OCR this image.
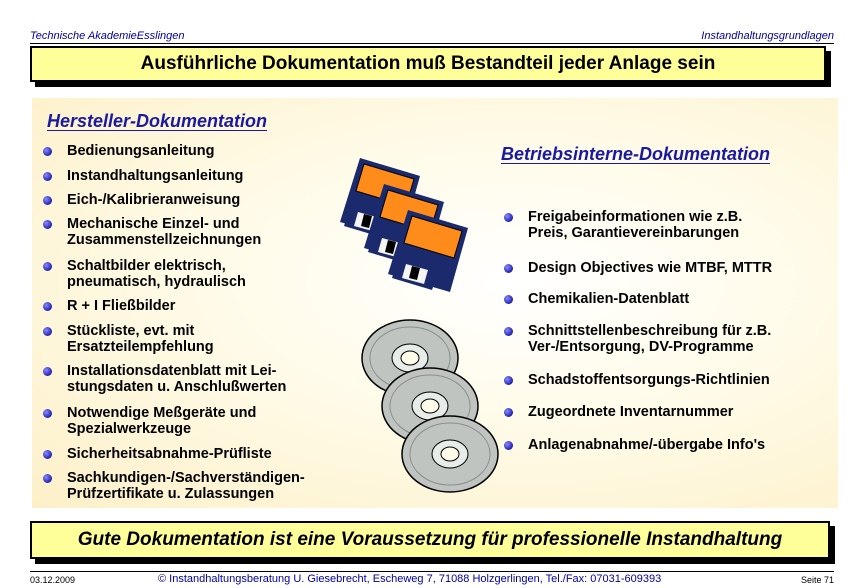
Technische AkademieEsslingen	Instandhaltungsgrundlagen
Ausführliche Dokumentation muß Bestandteil jeder Anlage sein
Hersteller-Dokumentation
Bedienungsanleitung
Instandhaltungsanleitung
Eich-/Kalibrieranweisung
Mechanische Einzel- und
Zusammenstellzeichnungen
Schaltbilder elektrisch,
pneumatisch, hydraulisch
R + I Fließbilder
Stückliste, evt. mit
Ersatzteilempfehlung
Installationsdatenblatt mit Lei-
stungsdaten u. Anschlußwerten
Notwendige Meßgeräte und
Spezialwerkzeuge
Sicherheitsabnahme-Prüfliste
Sachkundigen-/Sachverständigen-
Prüfzertifikate u. Zulassungen
Betriebsinterne-Dokumentation
Freigabeinformationen wie z.B.
Preis, Garantievereinbarungen
Design Objectives wie MTBF, MTTR
Chemikalien-Datenblatt
Schnittstellenbeschreibung für z.B.
Ver-/Entsorgung, DV-Programme
Schadstoffentsorgungs-Richtlinien
Zugeordnete Inventarnummer
Anlagenabnahme/-übergabe Info's
Gute Dokumentation ist eine Voraussetzung für professionelle Instandhaltung
03.12.2009	© Instandhaltungsberatung U. Giesebrecht, Escheweg 7, 71088 Holzgerlingen, Tel./Fax: 07031-609393	Seite 71
